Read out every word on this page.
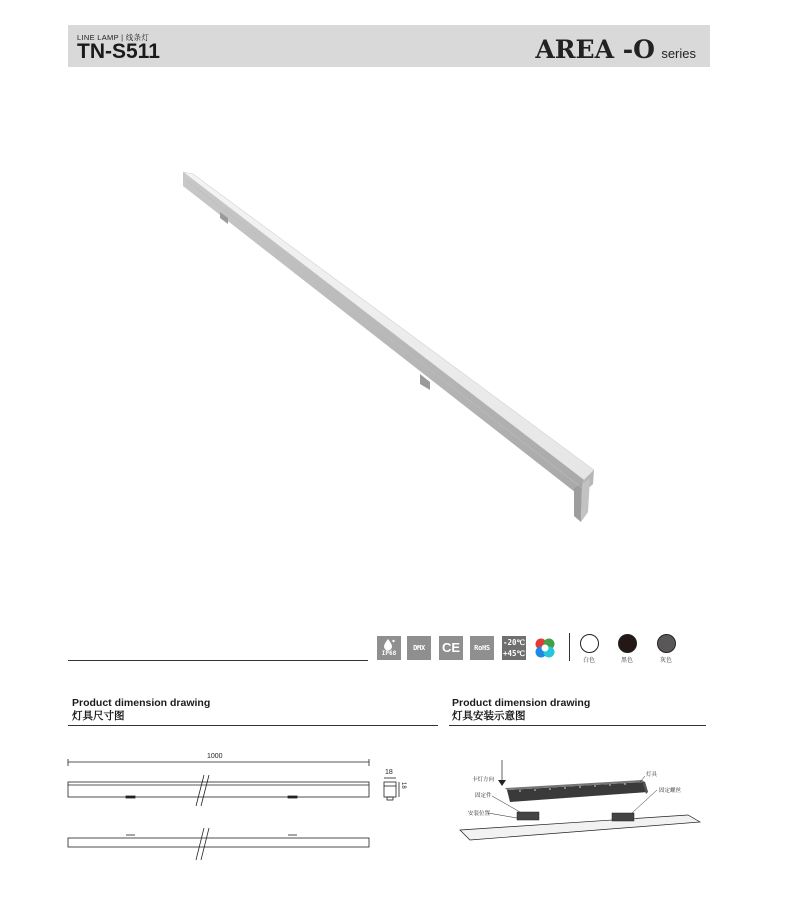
LINE LAMP | 线条灯
TN-S511	AREA -O series
IP68
DMX	CE	RoHS
-20℃
+45℃
白色	黑色	灰色
Product dimension drawing
灯具尺寸图
Product dimension drawing
灯具安装示意图
1000
18
18
卡灯方向
灯具
固定件
固定螺丝
安装位置
